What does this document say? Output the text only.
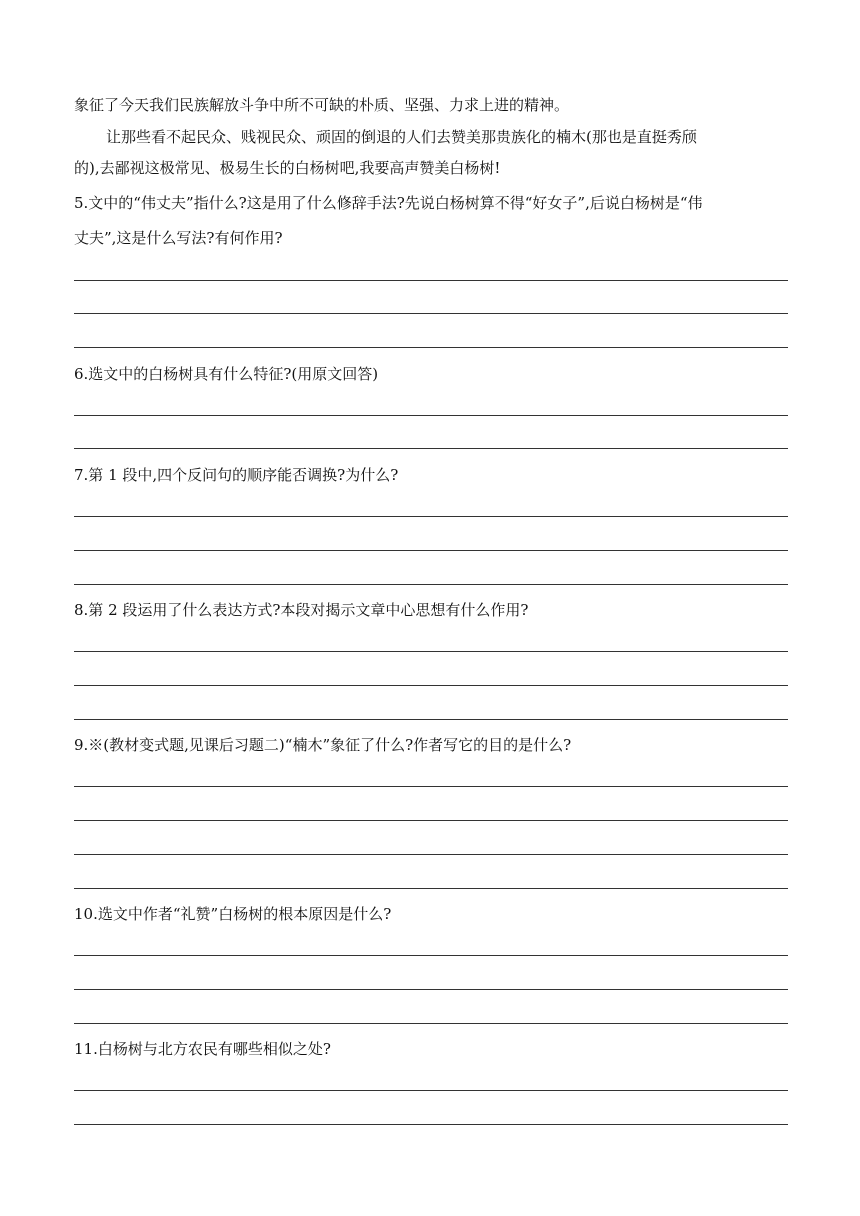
象征了今天我们民族解放斗争中所不可缺的朴质、坚强、力求上进的精神。
让那些看不起民众、贱视民众、顽固的倒退的人们去赞美那贵族化的楠木(那也是直挺秀颀
的),去鄙视这极常见、极易生长的白杨树吧,我要高声赞美白杨树!
5.文中的“伟丈夫”指什么?这是用了什么修辞手法?先说白杨树算不得“好女子”,后说白杨树是“伟
丈夫”,这是什么写法?有何作用?
6.选文中的白杨树具有什么特征?(用原文回答)
7.第 1 段中,四个反问句的顺序能否调换?为什么?
8.第 2 段运用了什么表达方式?本段对揭示文章中心思想有什么作用?
9.※(教材变式题,见课后习题二)“楠木”象征了什么?作者写它的目的是什么?
10.选文中作者“礼赞”白杨树的根本原因是什么?
11.白杨树与北方农民有哪些相似之处?
